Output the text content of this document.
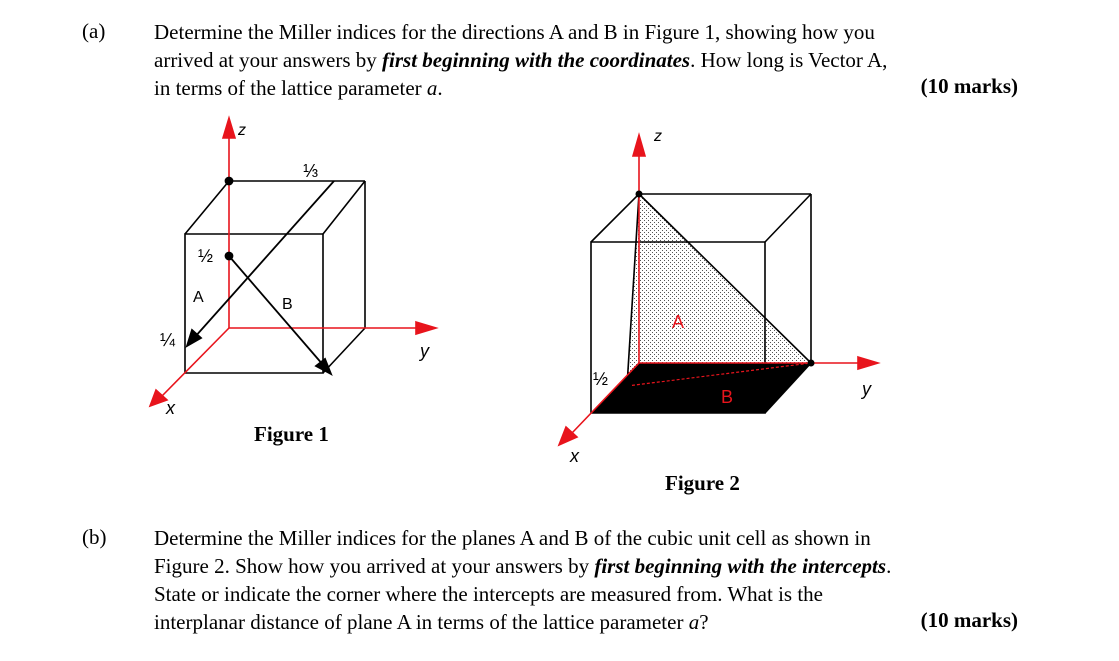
(a) Determine the Miller indices for the directions A and B in Figure 1, showing how you

arrived at your answers by first beginning with the coordinates. How long is Vector A,

in terms of the lattice parameter a.	(10 marks)
z
y
x
⅓
½
¼
A	B
z
y
x
½
A
B
Figure 1
Figure 2
(b) Determine the Miller indices for the planes A and B of the cubic unit cell as shown in

Figure 2. Show how you arrived at your answers by first beginning with the intercepts.

State or indicate the corner where the intercepts are measured from. What is the

interplanar distance of plane A in terms of the lattice parameter a?	(10 marks)
